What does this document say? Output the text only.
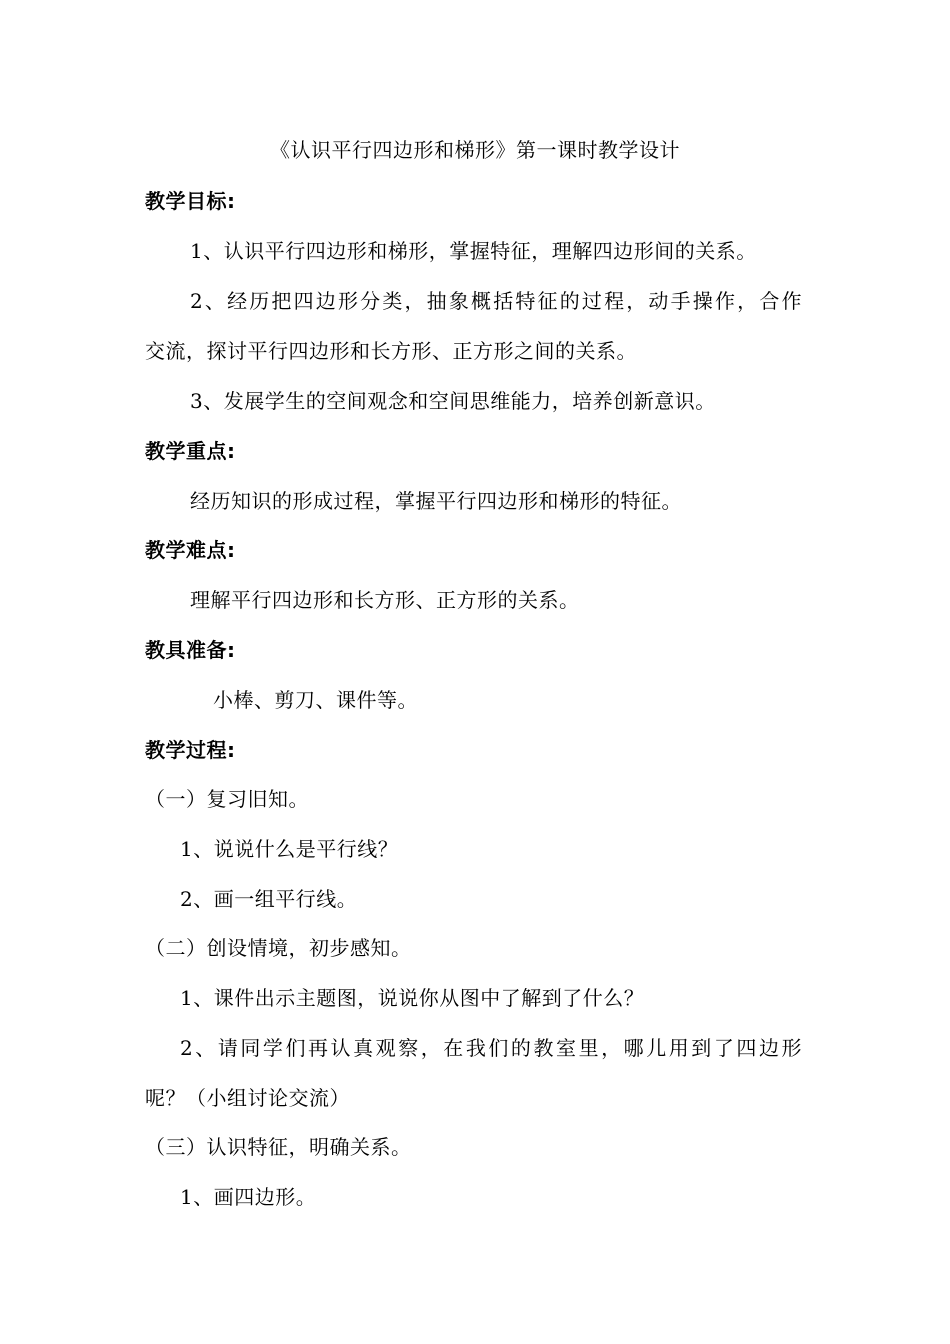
《认识平行四边形和梯形》第一课时教学设计
教学目标:
1、认识平行四边形和梯形，掌握特征，理解四边形间的关系。
2、经历把四边形分类，抽象概括特征的过程，动手操作，合作
交流，探讨平行四边形和长方形、正方形之间的关系。
3、发展学生的空间观念和空间思维能力，培养创新意识。
教学重点:
经历知识的形成过程，掌握平行四边形和梯形的特征。
教学难点:
理解平行四边形和长方形、正方形的关系。
教具准备:
小棒、剪刀、课件等。
教学过程:
（一）复习旧知。
1、说说什么是平行线？
2、画一组平行线。
（二）创设情境，初步感知。
1、课件出示主题图，说说你从图中了解到了什么？
2、请同学们再认真观察，在我们的教室里，哪儿用到了四边形
呢？（小组讨论交流）
（三）认识特征，明确关系。
1、画四边形。
